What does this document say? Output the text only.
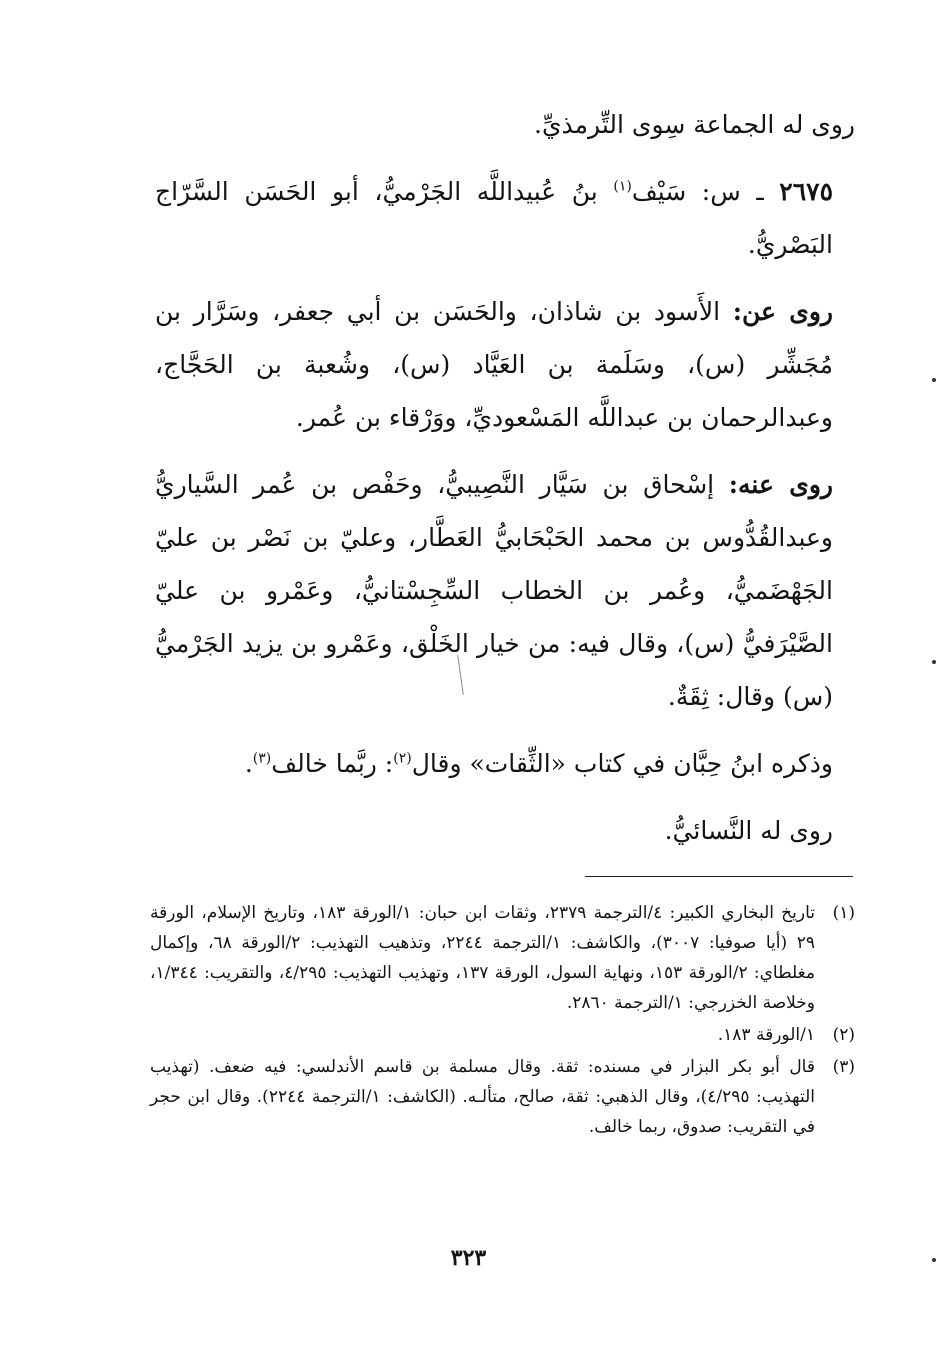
روى له الجماعة سِوى التِّرمذيِّ.

٢٦٧٥ ـ س: سَيْف$^{(١)}$ بنُ عُبيداللَّه الجَرْميُّ، أبو الحَسَن السَّرّاج البَصْريُّ.

روى عن: الأَسود بن شاذان، والحَسَن بن أبي جعفر، وسَرَّار بن مُجَشِّر (س)، وسَلَمة بن العَيَّاد (س)، وشُعبة بن الحَجَّاج، وعبدالرحمان بن عبداللَّه المَسْعوديِّ، ووَرْقاء بن عُمر.

روى عنه: إسْحاق بن سَيَّار النَّصِيبيُّ، وحَفْص بن عُمر السَّياريُّ وعبدالقُدُّوس بن محمد الحَبْحَابيُّ العَطَّار، وعليّ بن نَصْر بن عليّ الجَهْضَميُّ، وعُمر بن الخطاب السِّجِسْتانيُّ، وعَمْرو بن عليّ الصَّيْرَفيُّ (س)، وقال فيه: من خيار الخَلْق، وعَمْرو بن يزيد الجَرْميُّ (س) وقال: ثِقَةٌ.

وذكره ابنُ حِبَّان في كتاب «الثِّقات» وقال$^{(٢)}$: ربَّما خالف$^{(٣)}$.

روى له النَّسائيُّ.

(١)
تاريخ البخاري الكبير: ٤/الترجمة ٢٣٧٩، وثقات ابن حبان: ١/الورقة ١٨٣، وتاريخ الإسلام، الورقة ٢٩ (أيا صوفيا: ٣٠٠٧)، والكاشف: ١/الترجمة ٢٢٤٤، وتذهيب التهذيب: ٢/الورقة ٦٨، وإكمال مغلطاي: ٢/الورقة ١٥٣، ونهاية السول، الورقة ١٣٧، وتهذيب التهذيب: ٤/٢٩٥، والتقريب: ١/٣٤٤، وخلاصة الخزرجي: ١/الترجمة ٢٨٦٠.
(٢)
١/الورقة ١٨٣.
(٣)
قال أبو بكر البزار في مسنده: ثقة. وقال مسلمة بن قاسم الأندلسي: فيه ضعف. (تهذيب التهذيب: ٤/٢٩٥)، وقال الذهبي: ثقة، صالح، متألـه. (الكاشف: ١/الترجمة ٢٢٤٤). وقال ابن حجر في التقريب: صدوق، ربما خالف.
٣٢٣
